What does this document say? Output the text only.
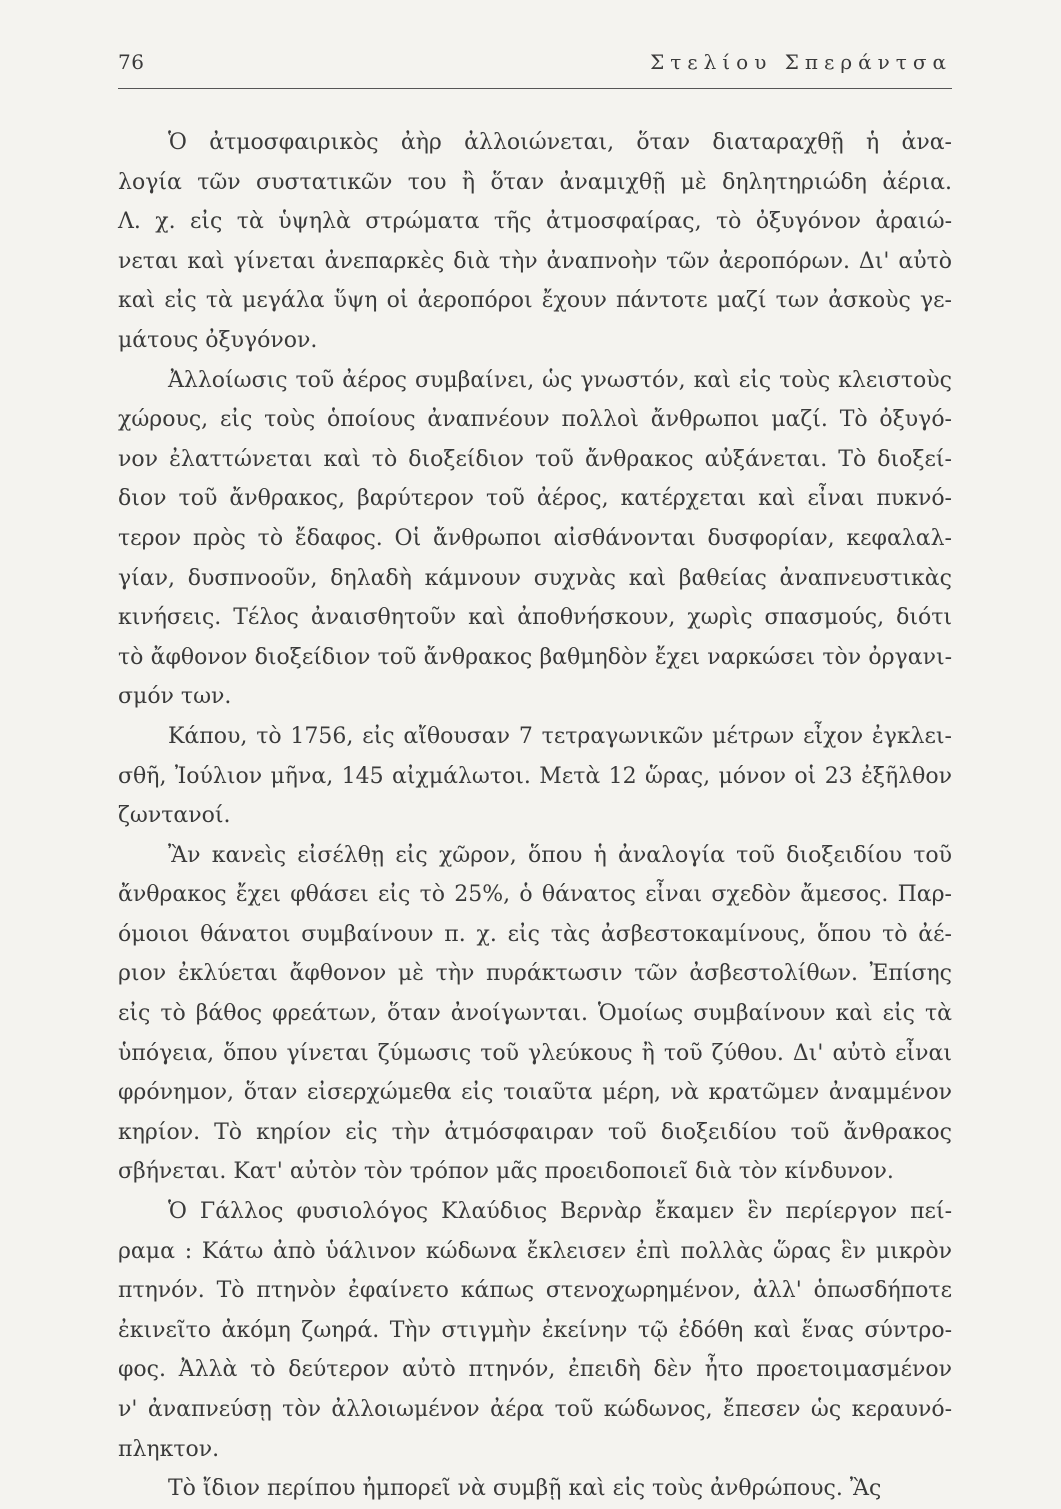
76	Στελίου Σπεράντσα
Ὁ ἀτμοσφαιρικὸς ἀὴρ ἀλλοιώνεται, ὅταν διαταραχθῇ ἡ ἀνα-
λογία τῶν συστατικῶν του ἢ ὅταν ἀναμιχθῇ μὲ δηλητηριώδη ἀέρια.
Λ. χ. εἰς τὰ ὑψηλὰ στρώματα τῆς ἀτμοσφαίρας, τὸ ὀξυγόνον ἀραιώ-
νεται καὶ γίνεται ἀνεπαρκὲς διὰ τὴν ἀναπνοὴν τῶν ἀεροπόρων. Δι' αὐτὸ
καὶ εἰς τὰ μεγάλα ὕψη οἱ ἀεροπόροι ἔχουν πάντοτε μαζί των ἀσκοὺς γε-
μάτους ὀξυγόνον.
Ἀλλοίωσις τοῦ ἀέρος συμβαίνει, ὡς γνωστόν, καὶ εἰς τοὺς κλειστοὺς
χώρους, εἰς τοὺς ὁποίους ἀναπνέουν πολλοὶ ἄνθρωποι μαζί. Τὸ ὀξυγό-
νον ἐλαττώνεται καὶ τὸ διοξείδιον τοῦ ἄνθρακος αὐξάνεται. Τὸ διοξεί-
διον τοῦ ἄνθρακος, βαρύτερον τοῦ ἀέρος, κατέρχεται καὶ εἶναι πυκνό-
τερον πρὸς τὸ ἔδαφος. Οἱ ἄνθρωποι αἰσθάνονται δυσφορίαν, κεφαλαλ-
γίαν, δυσπνοοῦν, δηλαδὴ κάμνουν συχνὰς καὶ βαθείας ἀναπνευστικὰς
κινήσεις. Τέλος ἀναισθητοῦν καὶ ἀποθνήσκουν, χωρὶς σπασμούς, διότι
τὸ ἄφθονον διοξείδιον τοῦ ἄνθρακος βαθμηδὸν ἔχει ναρκώσει τὸν ὀργανι-
σμόν των.
Κάπου, τὸ 1756, εἰς αἴθουσαν 7 τετραγωνικῶν μέτρων εἶχον ἐγκλει-
σθῆ, Ἰούλιον μῆνα, 145 αἰχμάλωτοι. Μετὰ 12 ὥρας, μόνον οἱ 23 ἐξῆλθον
ζωντανοί.
Ἂν κανεὶς εἰσέλθῃ εἰς χῶρον, ὅπου ἡ ἀναλογία τοῦ διοξειδίου τοῦ
ἄνθρακος ἔχει φθάσει εἰς τὸ 25%, ὁ θάνατος εἶναι σχεδὸν ἄμεσος. Παρ-
όμοιοι θάνατοι συμβαίνουν π. χ. εἰς τὰς ἀσβεστοκαμίνους, ὅπου τὸ ἀέ-
ριον ἐκλύεται ἄφθονον μὲ τὴν πυράκτωσιν τῶν ἀσβεστολίθων. Ἐπίσης
εἰς τὸ βάθος φρεάτων, ὅταν ἀνοίγωνται. Ὁμοίως συμβαίνουν καὶ εἰς τὰ
ὑπόγεια, ὅπου γίνεται ζύμωσις τοῦ γλεύκους ἢ τοῦ ζύθου. Δι' αὐτὸ εἶναι
φρόνημον, ὅταν εἰσερχώμεθα εἰς τοιαῦτα μέρη, νὰ κρατῶμεν ἀναμμένον
κηρίον. Τὸ κηρίον εἰς τὴν ἀτμόσφαιραν τοῦ διοξειδίου τοῦ ἄνθρακος
σβήνεται. Κατ' αὐτὸν τὸν τρόπον μᾶς προειδοποιεῖ διὰ τὸν κίνδυνον.
Ὁ Γάλλος φυσιολόγος Κλαύδιος Βερνὰρ ἔκαμεν ἓν περίεργον πεί-
ραμα : Κάτω ἀπὸ ὑάλινον κώδωνα ἔκλεισεν ἐπὶ πολλὰς ὥρας ἓν μικρὸν
πτηνόν. Τὸ πτηνὸν ἐφαίνετο κάπως στενοχωρημένον, ἀλλ' ὁπωσδήποτε
ἐκινεῖτο ἀκόμη ζωηρά. Τὴν στιγμὴν ἐκείνην τῷ ἐδόθη καὶ ἕνας σύντρο-
φος. Ἀλλὰ τὸ δεύτερον αὐτὸ πτηνόν, ἐπειδὴ δὲν ἦτο προετοιμασμένον
ν' ἀναπνεύσῃ τὸν ἀλλοιωμένον ἀέρα τοῦ κώδωνος, ἔπεσεν ὡς κεραυνό-
πληκτον.
Τὸ ἴδιον περίπου ἠμπορεῖ νὰ συμβῇ καὶ εἰς τοὺς ἀνθρώπους. Ἂς
